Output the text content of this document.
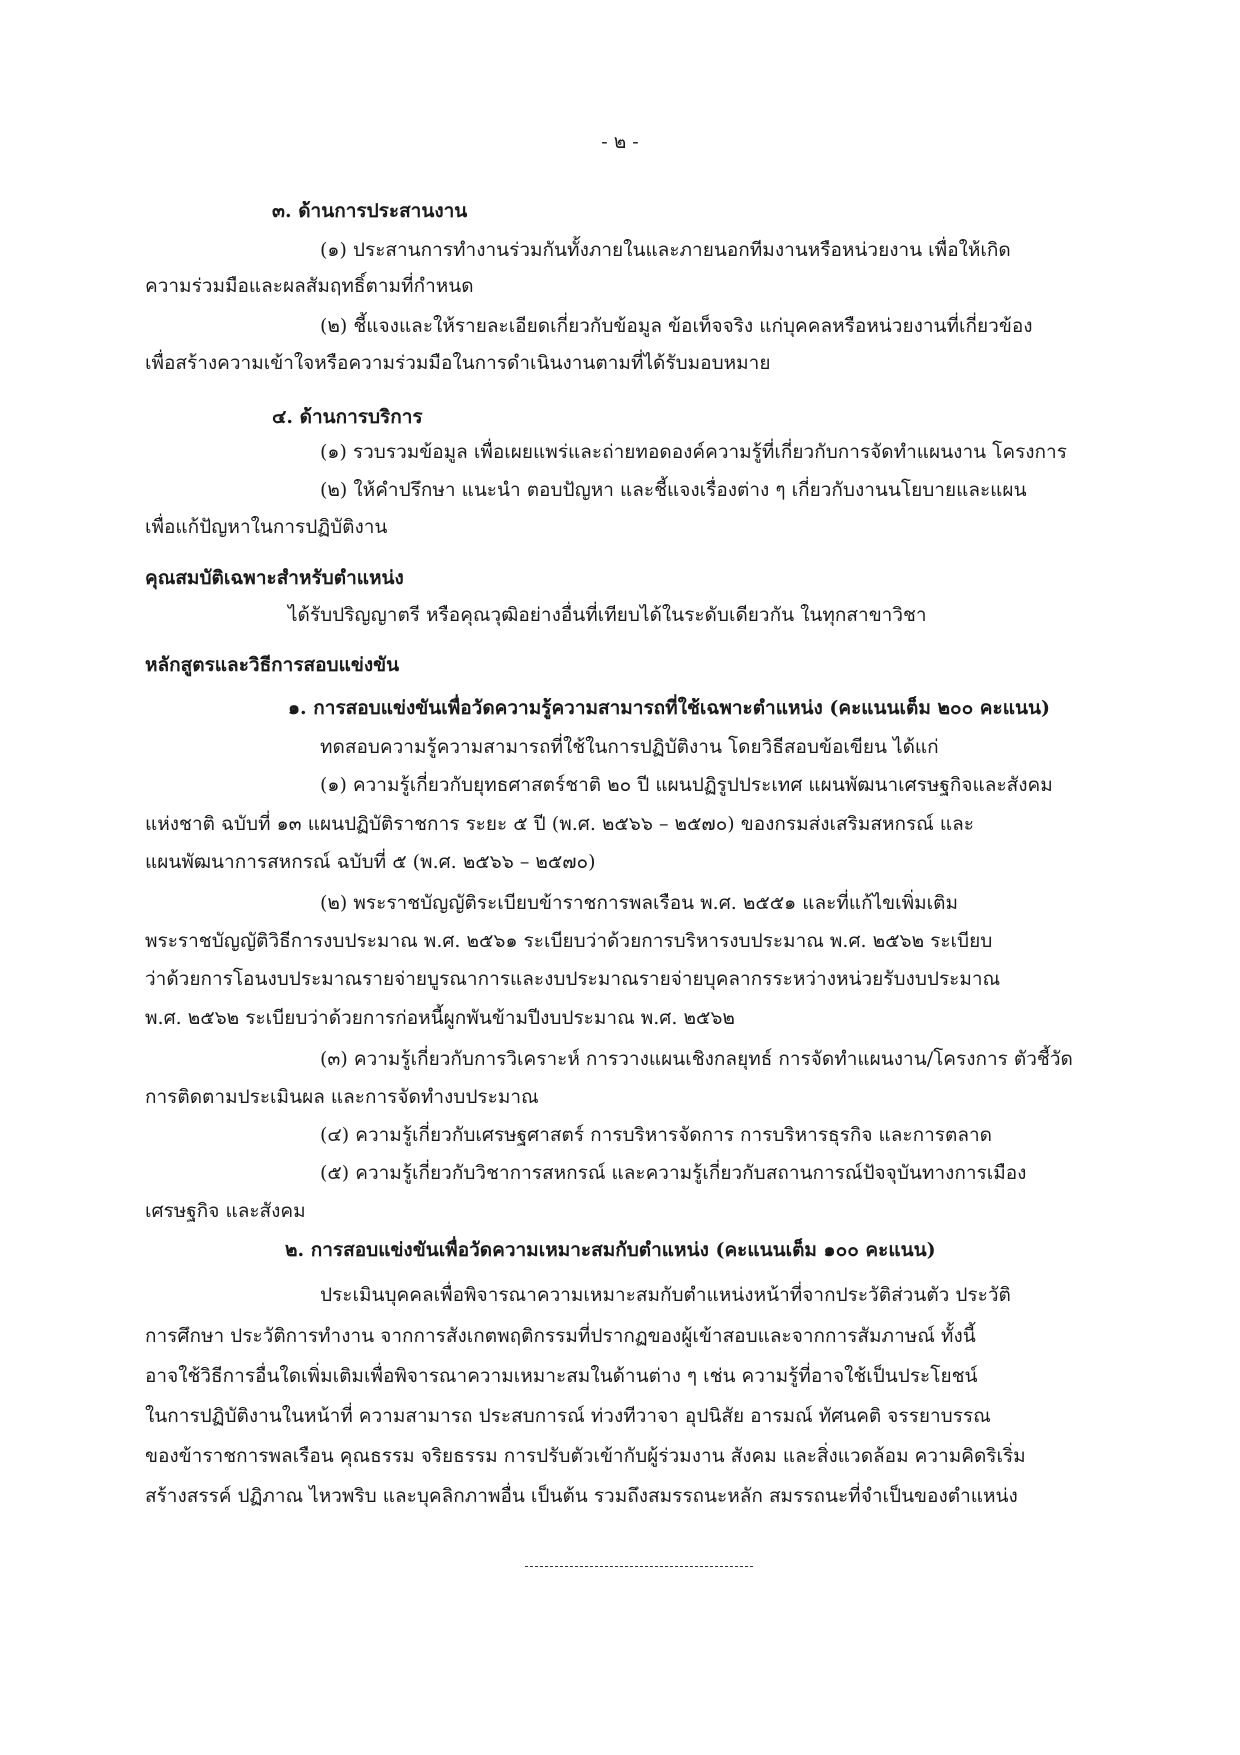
- ๒ -
๓. ด้านการประสานงาน
(๑) ประสานการทำงานร่วมกันทั้งภายในและภายนอกทีมงานหรือหน่วยงาน เพื่อให้เกิด
ความร่วมมือและผลสัมฤทธิ์ตามที่กำหนด
(๒) ชี้แจงและให้รายละเอียดเกี่ยวกับข้อมูล ข้อเท็จจริง แก่บุคคลหรือหน่วยงานที่เกี่ยวข้อง
เพื่อสร้างความเข้าใจหรือความร่วมมือในการดำเนินงานตามที่ได้รับมอบหมาย
๔. ด้านการบริการ
(๑) รวบรวมข้อมูล เพื่อเผยแพร่และถ่ายทอดองค์ความรู้ที่เกี่ยวกับการจัดทำแผนงาน โครงการ
(๒) ให้คำปรึกษา แนะนำ ตอบปัญหา และชี้แจงเรื่องต่าง ๆ เกี่ยวกับงานนโยบายและแผน
เพื่อแก้ปัญหาในการปฏิบัติงาน
คุณสมบัติเฉพาะสำหรับตำแหน่ง
ได้รับปริญญาตรี หรือคุณวุฒิอย่างอื่นที่เทียบได้ในระดับเดียวกัน ในทุกสาขาวิชา
หลักสูตรและวิธีการสอบแข่งขัน
๑. การสอบแข่งขันเพื่อวัดความรู้ความสามารถที่ใช้เฉพาะตำแหน่ง (คะแนนเต็ม ๒๐๐ คะแนน)
ทดสอบความรู้ความสามารถที่ใช้ในการปฏิบัติงาน โดยวิธีสอบข้อเขียน ได้แก่
(๑) ความรู้เกี่ยวกับยุทธศาสตร์ชาติ ๒๐ ปี แผนปฏิรูปประเทศ แผนพัฒนาเศรษฐกิจและสังคม
แห่งชาติ ฉบับที่ ๑๓ แผนปฏิบัติราชการ ระยะ ๕ ปี (พ.ศ. ๒๕๖๖ – ๒๕๗๐) ของกรมส่งเสริมสหกรณ์ และ
แผนพัฒนาการสหกรณ์ ฉบับที่ ๕ (พ.ศ. ๒๕๖๖ – ๒๕๗๐)
(๒) พระราชบัญญัติระเบียบข้าราชการพลเรือน พ.ศ. ๒๕๕๑ และที่แก้ไขเพิ่มเติม
พระราชบัญญัติวิธีการงบประมาณ พ.ศ. ๒๕๖๑ ระเบียบว่าด้วยการบริหารงบประมาณ พ.ศ. ๒๕๖๒ ระเบียบ
ว่าด้วยการโอนงบประมาณรายจ่ายบูรณาการและงบประมาณรายจ่ายบุคลากรระหว่างหน่วยรับงบประมาณ
พ.ศ. ๒๕๖๒ ระเบียบว่าด้วยการก่อหนี้ผูกพันข้ามปีงบประมาณ พ.ศ. ๒๕๖๒
(๓) ความรู้เกี่ยวกับการวิเคราะห์ การวางแผนเชิงกลยุทธ์ การจัดทำแผนงาน/โครงการ ตัวชี้วัด
การติดตามประเมินผล และการจัดทำงบประมาณ
(๔) ความรู้เกี่ยวกับเศรษฐศาสตร์ การบริหารจัดการ การบริหารธุรกิจ และการตลาด
(๕) ความรู้เกี่ยวกับวิชาการสหกรณ์ และความรู้เกี่ยวกับสถานการณ์ปัจจุบันทางการเมือง
เศรษฐกิจ และสังคม
๒. การสอบแข่งขันเพื่อวัดความเหมาะสมกับตำแหน่ง (คะแนนเต็ม ๑๐๐ คะแนน)
ประเมินบุคคลเพื่อพิจารณาความเหมาะสมกับตำแหน่งหน้าที่จากประวัติส่วนตัว ประวัติ
การศึกษา ประวัติการทำงาน จากการสังเกตพฤติกรรมที่ปรากฏของผู้เข้าสอบและจากการสัมภาษณ์ ทั้งนี้
อาจใช้วิธีการอื่นใดเพิ่มเติมเพื่อพิจารณาความเหมาะสมในด้านต่าง ๆ เช่น ความรู้ที่อาจใช้เป็นประโยชน์
ในการปฏิบัติงานในหน้าที่ ความสามารถ ประสบการณ์ ท่วงทีวาจา อุปนิสัย อารมณ์ ทัศนคติ จรรยาบรรณ
ของข้าราชการพลเรือน คุณธรรม จริยธรรม การปรับตัวเข้ากับผู้ร่วมงาน สังคม และสิ่งแวดล้อม ความคิดริเริ่ม
สร้างสรรค์ ปฏิภาณ ไหวพริบ และบุคลิกภาพอื่น เป็นต้น รวมถึงสมรรถนะหลัก สมรรถนะที่จำเป็นของตำแหน่ง
